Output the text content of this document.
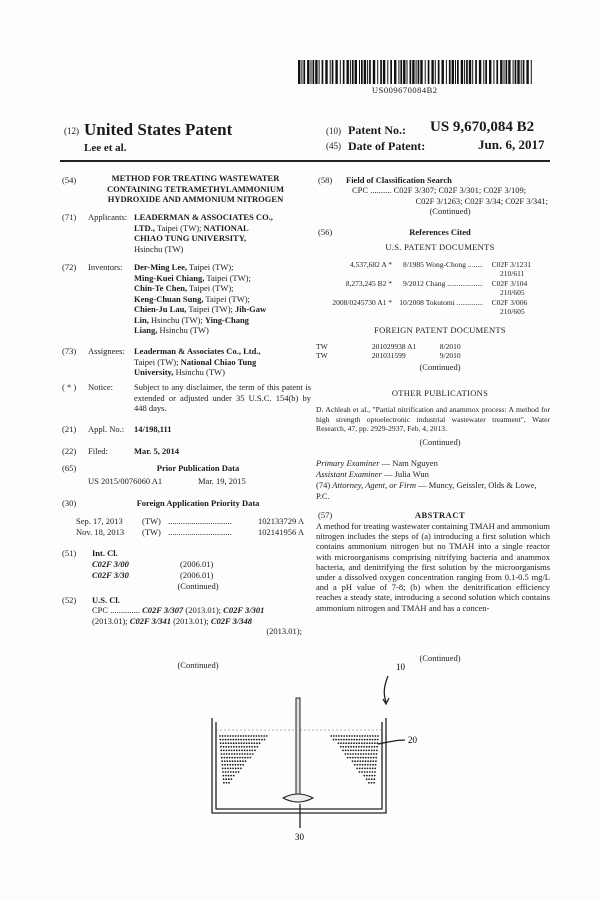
US009670084B2
(12) United States Patent
Lee et al.
(10) Patent No.: US 9,670,084 B2
(45) Date of Patent:	Jun. 6, 2017
(54)	METHOD FOR TREATING WASTEWATER CONTAINING TETRAMETHYLAMMONIUM HYDROXIDE AND AMMONIUM NITROGEN
(71) Applicants: LEADERMAN & ASSOCIATES CO.,
LTD., Taipei (TW); NATIONAL
CHIAO TUNG UNIVERSITY,
Hsinchu (TW)
(72) Inventors: Der-Ming Lee, Taipei (TW);
Ming-Kuei Chiang, Taipei (TW);
Chin-Te Chen, Taipei (TW);
Keng-Chuan Sung, Taipei (TW);
Chien-Ju Lau, Taipei (TW); Jih-Gaw
Lin, Hsinchu (TW); Ying-Chang
Liang, Hsinchu (TW)
(73) Assignees: Leaderman & Associates Co., Ltd.,
Taipei (TW); National Chiao Tung
University, Hsinchu (TW)
( * ) Notice: Subject to any disclaimer, the term of this patent is extended or adjusted under 35 U.S.C. 154(b) by 448 days.
(21) Appl. No.: 14/198,111
(22) Filed:	Mar. 5, 2014
(65)	Prior Publication Data
US 2015/0076060 A1	Mar. 19, 2015
(30)	Foreign Application Priority Data
Sep. 17, 2013	(TW) ..............................	102133729 A
Nov. 18, 2013	(TW) ..............................	102141956 A
(51) Int. Cl.
C02F 3/00	(2006.01)
C02F 3/30	(2006.01)
(Continued)
(52) U.S. Cl.
CPC .............. C02F 3/307 (2013.01); C02F 3/301
(2013.01); C02F 3/341 (2013.01); C02F 3/348
(2013.01);
(Continued)
(58) Field of Classification Search
CPC .......... C02F 3/307; C02F 3/301; C02F 3/109;
C02F 3/1263; C02F 3/34; C02F 3/341;
(Continued)
(56)	References Cited
U.S. PATENT DOCUMENTS
4,537,682 A * 8/1985 Wong-Chong ........ C02F 3/1231
210/611
8,273,245 B2 * 9/2012 Chang ................... C02F 3/104
210/605
2008/0245730 A1 * 10/2008 Tokutomi .............. C02F 3/006
210/605
FOREIGN PATENT DOCUMENTS
TW	201029938 A1	8/2010
TW	201031599	9/2010
(Continued)
OTHER PUBLICATIONS
D. Achleah et al., "Partial nitrification and anammox process: A method for high strength optoelectronic industrial wastewater treatment", Water Research, 47, pp. 2929-2937, Feb. 4, 2013.
(Continued)
Primary Examiner — Nam Nguyen
Assistant Examiner — Julia Wun
(74) Attorney, Agent, or Firm — Muncy, Geissler, Olds & Lowe, P.C.
(57)	ABSTRACT
A method for treating wastewater containing TMAH and ammonium nitrogen includes the steps of (a) introducing a first solution which contains ammonium nitrogen but no TMAH into a single reactor with microorganisms comprising nitrifying bacteria and anammox bacteria, and denitrifying the first solution by the microorganisms under a dissolved oxygen concentration ranging from 0.1-0.5 mg/L and a pH value of 7-8; (b) when the denitrification efficiency reaches a steady state, introducing a second solution which contains ammonium nitrogen and TMAH and has a concen-
(Continued)
10
20
30
